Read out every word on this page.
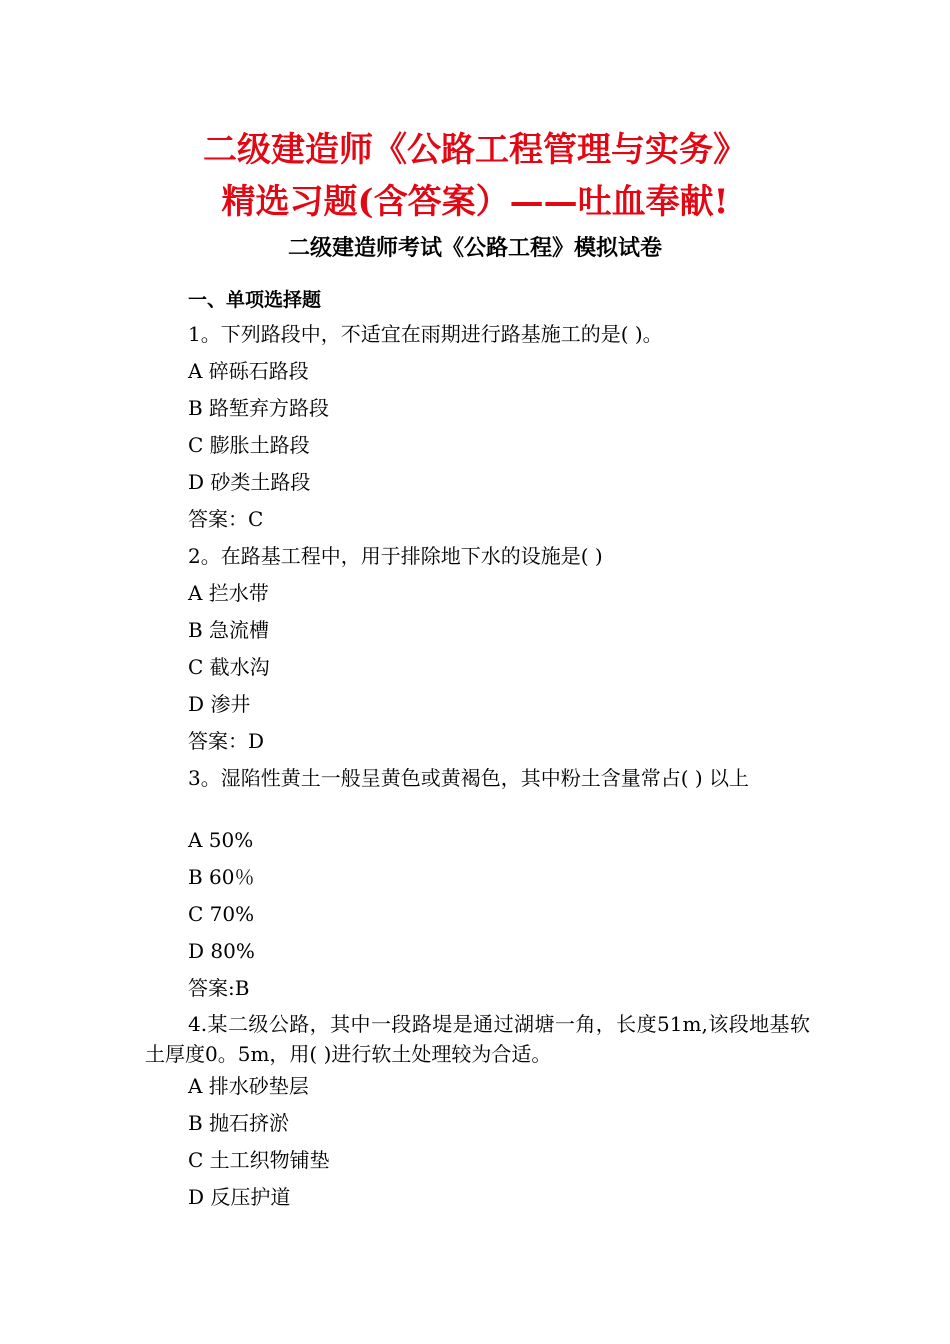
二级建造师《公路工程管理与实务》
精选习题(含答案）——吐血奉献!
二级建造师考试《公路工程》模拟试卷
一、单项选择题
1。下列路段中，不适宜在雨期进行路基施工的是( )。
A 碎砾石路段
B 路堑弃方路段
C 膨胀土路段
D 砂类土路段
答案：C
2。在路基工程中，用于排除地下水的设施是( )
A 拦水带
B 急流槽
C 截水沟
D 渗井
答案：D
3。湿陷性黄土一般呈黄色或黄褐色，其中粉土含量常占( ) 以上
A 50%
B 60％
C 70%
D 80%
答案:B
4.某二级公路，其中一段路堤是通过湖塘一角，长度51m,该段地基软土厚度0。5m，用( )进行软土处理较为合适。
A 排水砂垫层
B 抛石挤淤
C 土工织物铺垫
D 反压护道
